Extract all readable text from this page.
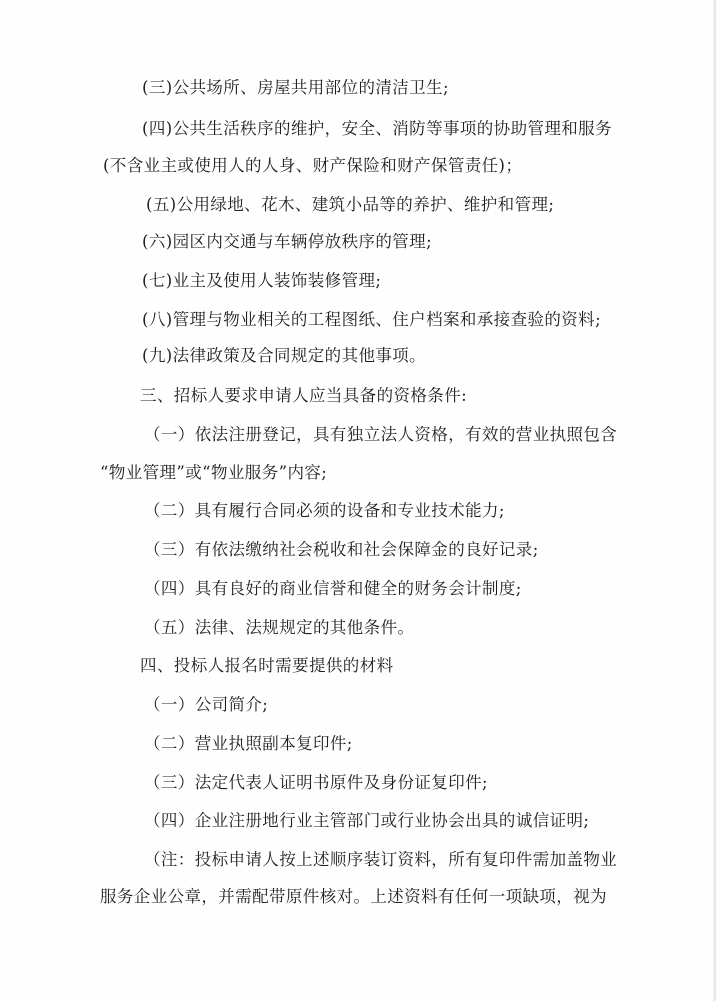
(三)公共场所、房屋共用部位的清洁卫生;
(四)公共生活秩序的维护，安全、消防等事项的协助管理和服务
(不含业主或使用人的人身、财产保险和财产保管责任)；
(五)公用绿地、花木、建筑小品等的养护、维护和管理;
(六)园区内交通与车辆停放秩序的管理;
(七)业主及使用人装饰装修管理;
(八)管理与物业相关的工程图纸、住户档案和承接查验的资料;
(九)法律政策及合同规定的其他事项。
三、招标人要求申请人应当具备的资格条件:
（一）依法注册登记，具有独立法人资格，有效的营业执照包含
“物业管理”或“物业服务”内容;
（二）具有履行合同必须的设备和专业技术能力;
（三）有依法缴纳社会税收和社会保障金的良好记录;
（四）具有良好的商业信誉和健全的财务会计制度;
（五）法律、法规规定的其他条件。
四、投标人报名时需要提供的材料
（一）公司简介;
（二）营业执照副本复印件;
（三）法定代表人证明书原件及身份证复印件;
（四）企业注册地行业主管部门或行业协会出具的诚信证明;
（注：投标申请人按上述顺序装订资料，所有复印件需加盖物业
服务企业公章，并需配带原件核对。上述资料有任何一项缺项，视为
